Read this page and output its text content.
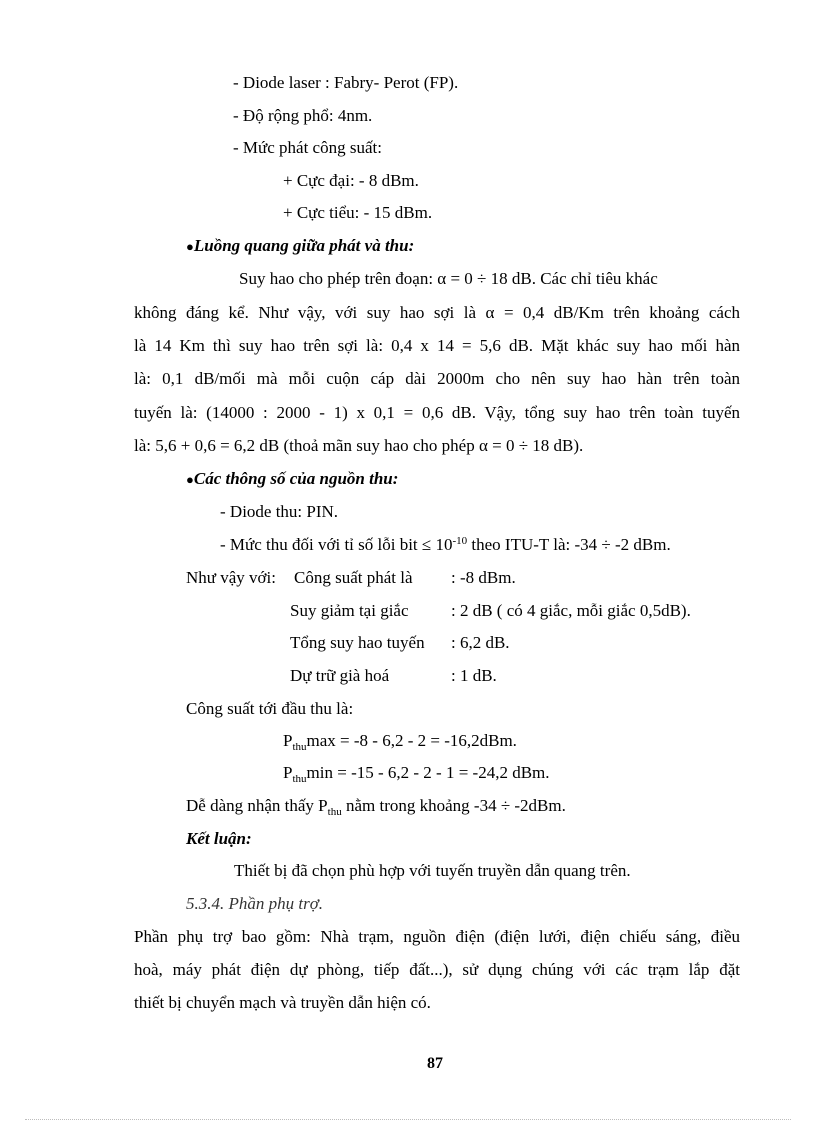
- Diode laser : Fabry- Perot (FP).
- Độ rộng phổ: 4nm.
- Mức phát công suất:
+ Cực đại: - 8 dBm.
+ Cực tiểu: - 15 dBm.
●Luồng quang giữa phát và thu:
Suy hao cho phép trên đoạn: α = 0 ÷ 18 dB. Các chỉ tiêu khác
không đáng kể. Như vậy, với suy hao sợi là α = 0,4 dB/Km trên khoảng cách
là 14 Km thì suy hao trên sợi là: 0,4 x 14 = 5,6 dB. Mặt khác suy hao mối hàn
là: 0,1 dB/mối mà mỗi cuộn cáp dài 2000m cho nên suy hao hàn trên toàn
tuyến là: (14000 : 2000 - 1) x 0,1 = 0,6 dB. Vậy, tổng suy hao trên toàn tuyến
là: 5,6 + 0,6 = 6,2 dB (thoả mãn suy hao cho phép α = 0 ÷ 18 dB).
●Các thông số của nguồn thu:
- Diode thu: PIN.
- Mức thu đối với tỉ số lỗi bit ≤ $10^{-10}$ theo ITU-T là: -34 ÷ -2 dBm.
Như vậy với: Công suất phát là : -8 dBm.
Suy giảm tại giắc : 2 dB ( có 4 giắc, mỗi giắc 0,5dB).
Tổng suy hao tuyến : 6,2 dB.
Dự trữ già hoá	: 1 dB.
Công suất tới đầu thu là:
$P_{thu}\max = -8 - 6,2 - 2 = -16,2dBm$.
$P_{thu}\min = -15 - 6,2 - 2 - 1 = -24,2$ dBm.
Dễ dàng nhận thấy $P_{thu}$ nằm trong khoảng -34 ÷ -2dBm.
Kết luận:
Thiết bị đã chọn phù hợp với tuyến truyền dẫn quang trên.
5.3.4. Phần phụ trợ.
Phần phụ trợ bao gồm: Nhà trạm, nguồn điện (điện lưới, điện chiếu sáng, điều
hoà, máy phát điện dự phòng, tiếp đất...), sử dụng chúng với các trạm lắp đặt
thiết bị chuyển mạch và truyền dẫn hiện có.
87
